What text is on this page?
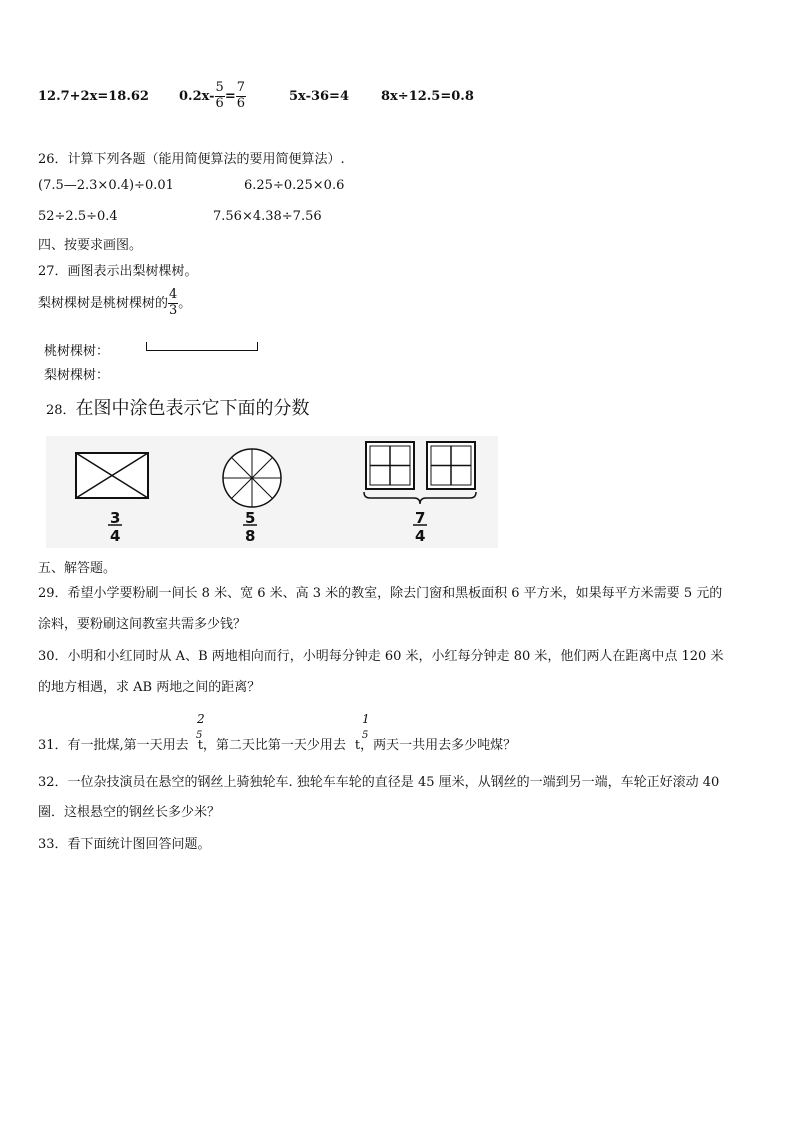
12.7+2x=18.62 $0.2x- \frac{5}{6} = \frac{7}{6}$	5x-36=4 8x÷12.5=0.8
26．计算下列各题（能用简便算法的要用简便算法）.
(7.5—2.3×0.4)÷0.01	6.25÷0.25×0.6
52÷2.5÷0.4	7.56×4.38÷7.56
四、按要求画图。
27．画图表示出梨树棵树。
梨树棵树是桃树棵树的 $\frac{4}{3}$ 。
桃树棵树：
梨树棵树：
28．在图中涂色表示它下面的分数
3
4
5
8
7
4
五、解答题。
29．希望小学要粉刷一间长 8 米、宽 6 米、高 3 米的教室，除去门窗和黑板面积 6 平方米，如果每平方米需要 5 元的
涂料，要粉刷这间教室共需多少钱？
30．小明和小红同时从 A、B 两地相向而行，小明每分钟走 60 米，小红每分钟走 80 米，他们两人在距离中点 120 米
的地方相遇，求 AB 两地之间的距离？
31．有一批煤,第一天用去 t，第二天比第一天少用去 t，两天一共用去多少吨煤？
2
5
1
5
32．一位杂技演员在悬空的钢丝上骑独轮车. 独轮车车轮的直径是 45 厘米，从钢丝的一端到另一端，车轮正好滚动 40
圈．这根悬空的钢丝长多少米？
33．看下面统计图回答问题。
